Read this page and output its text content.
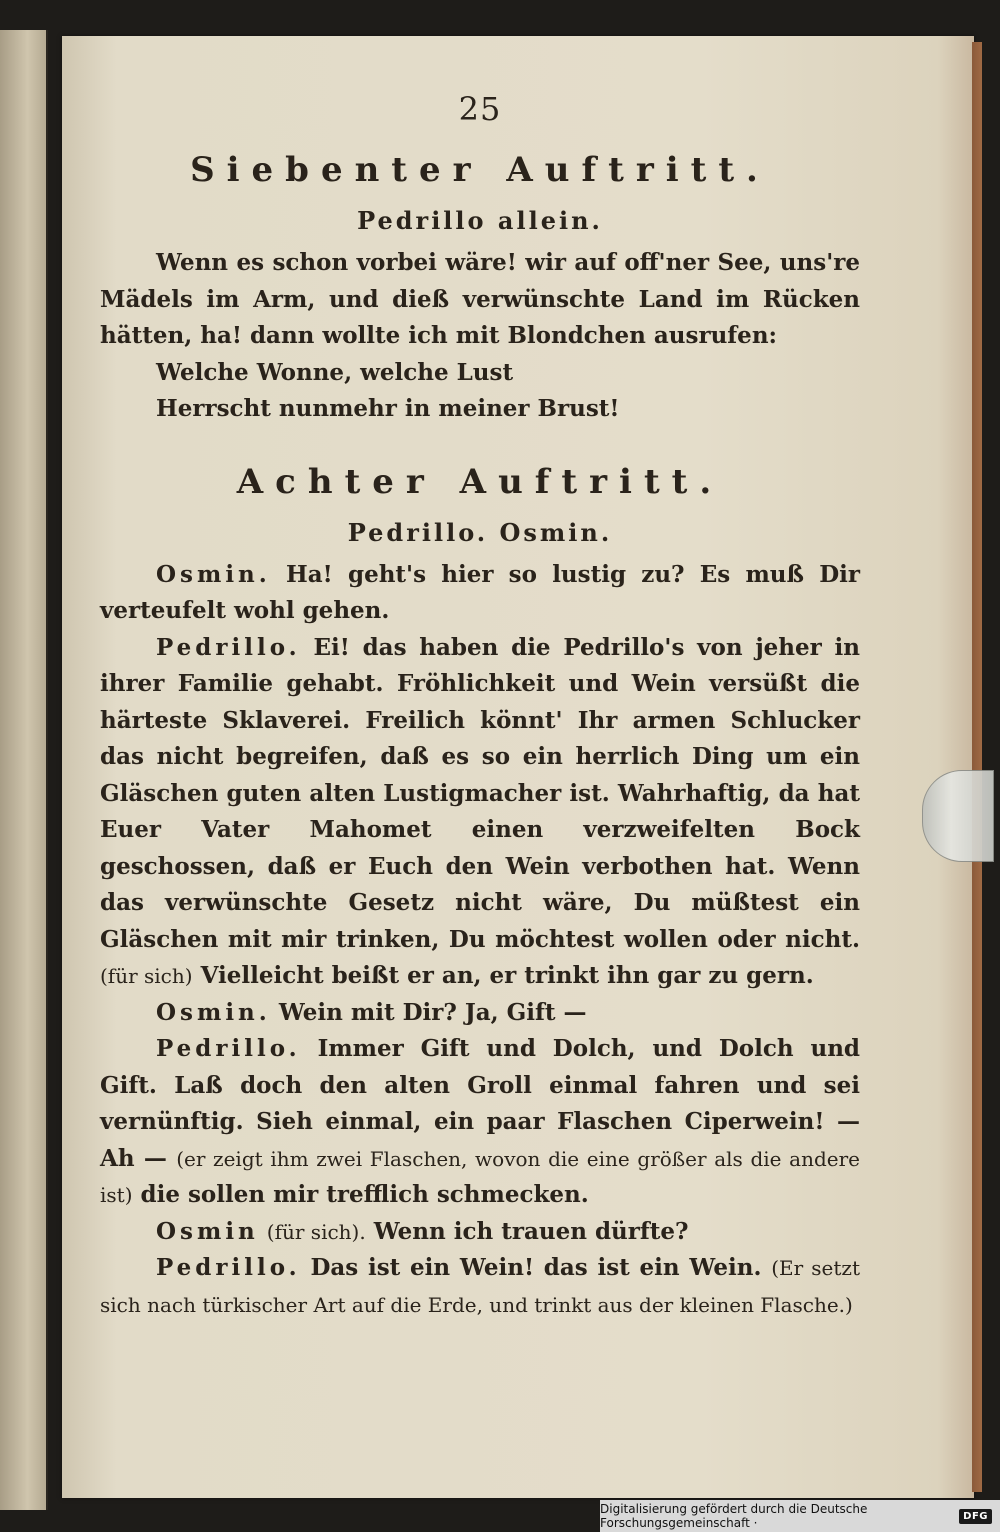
25
Siebenter Auftritt.
Pedrillo allein.

Wenn es schon vorbei wäre! wir auf off'ner See, uns're Mädels im Arm, und dieß verwünschte Land im Rücken hätten, ha! dann wollte ich mit Blondchen ausrufen:

Welche Wonne, welche Lust

Herrscht nunmehr in meiner Brust!

Achter Auftritt.
Pedrillo. Osmin.

Osmin. Ha! geht's hier so lustig zu? Es muß Dir verteufelt wohl gehen.

Pedrillo. Ei! das haben die Pedrillo's von jeher in ihrer Familie gehabt. Fröhlichkeit und Wein versüßt die härteste Sklaverei. Freilich könnt' Ihr armen Schlucker das nicht begreifen, daß es so ein herrlich Ding um ein Gläschen guten alten Lustigmacher ist. Wahrhaftig, da hat Euer Vater Mahomet einen verzweifelten Bock geschossen, daß er Euch den Wein verbothen hat. Wenn das verwünschte Gesetz nicht wäre, Du müßtest ein Gläschen mit mir trinken, Du möchtest wollen oder nicht. (für sich) Vielleicht beißt er an, er trinkt ihn gar zu gern.

Osmin. Wein mit Dir? Ja, Gift —

Pedrillo. Immer Gift und Dolch, und Dolch und Gift. Laß doch den alten Groll einmal fahren und sei vernünftig. Sieh einmal, ein paar Flaschen Ciperwein! — Ah — (er zeigt ihm zwei Flaschen, wovon die eine größer als die andere ist) die sollen mir trefflich schmecken.

Osmin (für sich). Wenn ich trauen dürfte?

Pedrillo. Das ist ein Wein! das ist ein Wein. (Er setzt sich nach türkischer Art auf die Erde, und trinkt aus der kleinen Flasche.)

Digitalisierung gefördert durch die Deutsche Forschungsgemeinschaft ·	DFG
